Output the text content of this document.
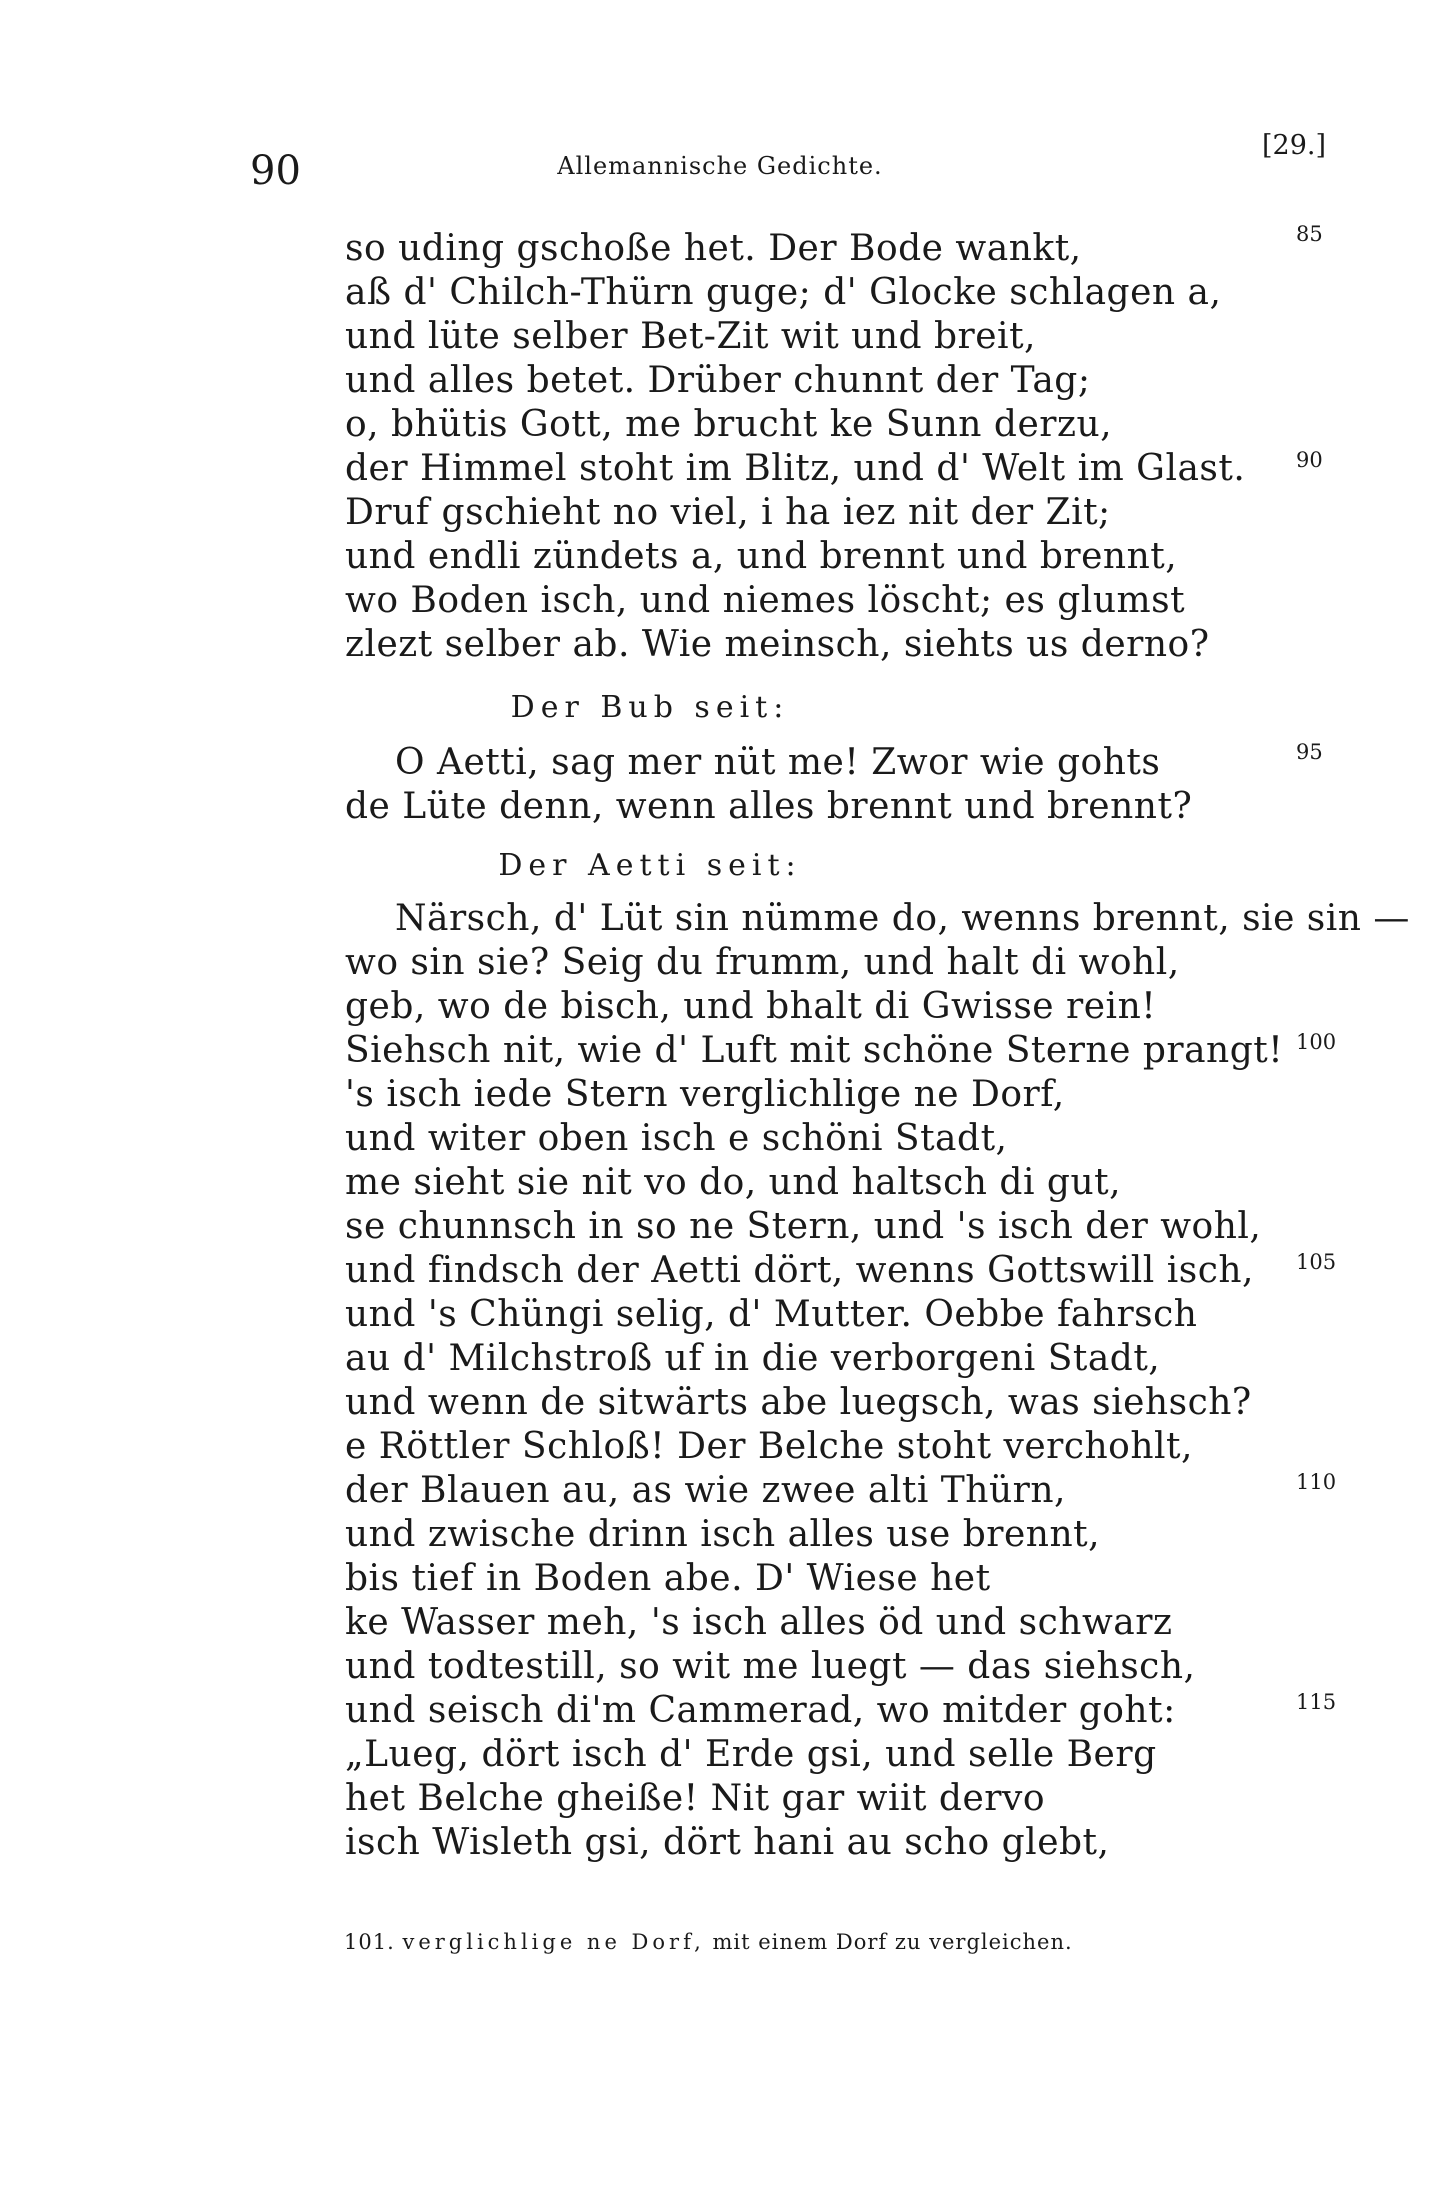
90	Allemannische Gedichte.
[29.]
so uding gschoße het. Der Bode wankt,
aß d' Chilch-Thürn guge; d' Glocke schlagen a,
und lüte selber Bet-Zit wit und breit,
und alles betet. Drüber chunnt der Tag;
o, bhütis Gott, me brucht ke Sunn derzu,
der Himmel stoht im Blitz, und d' Welt im Glast.
Druf gschieht no viel, i ha iez nit der Zit;
und endli zündets a, und brennt und brennt,
wo Boden isch, und niemes löscht; es glumst
zlezt selber ab. Wie meinsch, siehts us derno?
Der Bub seit:
O Aetti, sag mer nüt me! Zwor wie gohts
de Lüte denn, wenn alles brennt und brennt?
Der Aetti seit:
Närsch, d' Lüt sin nümme do, wenns brennt, sie sin —
wo sin sie? Seig du frumm, und halt di wohl,
geb, wo de bisch, und bhalt di Gwisse rein!
Siehsch nit, wie d' Luft mit schöne Sterne prangt!
's isch iede Stern verglichlige ne Dorf,
und witer oben isch e schöni Stadt,
me sieht sie nit vo do, und haltsch di gut,
se chunnsch in so ne Stern, und 's isch der wohl,
und findsch der Aetti dört, wenns Gottswill isch,
und 's Chüngi selig, d' Mutter. Oebbe fahrsch
au d' Milchstroß uf in die verborgeni Stadt,
und wenn de sitwärts abe luegsch, was siehsch?
e Röttler Schloß! Der Belche stoht verchohlt,
der Blauen au, as wie zwee alti Thürn,
und zwische drinn isch alles use brennt,
bis tief in Boden abe. D' Wiese het
ke Wasser meh, 's isch alles öd und schwarz
und todtestill, so wit me luegt — das siehsch,
und seisch di'm Cammerad, wo mitder goht:
„Lueg, dört isch d' Erde gsi, und selle Berg
het Belche gheiße! Nit gar wiit dervo
isch Wisleth gsi, dört hani au scho glebt,
85
90
95
100
105
110
115
101. verglichlige ne Dorf, mit einem Dorf zu vergleichen.
